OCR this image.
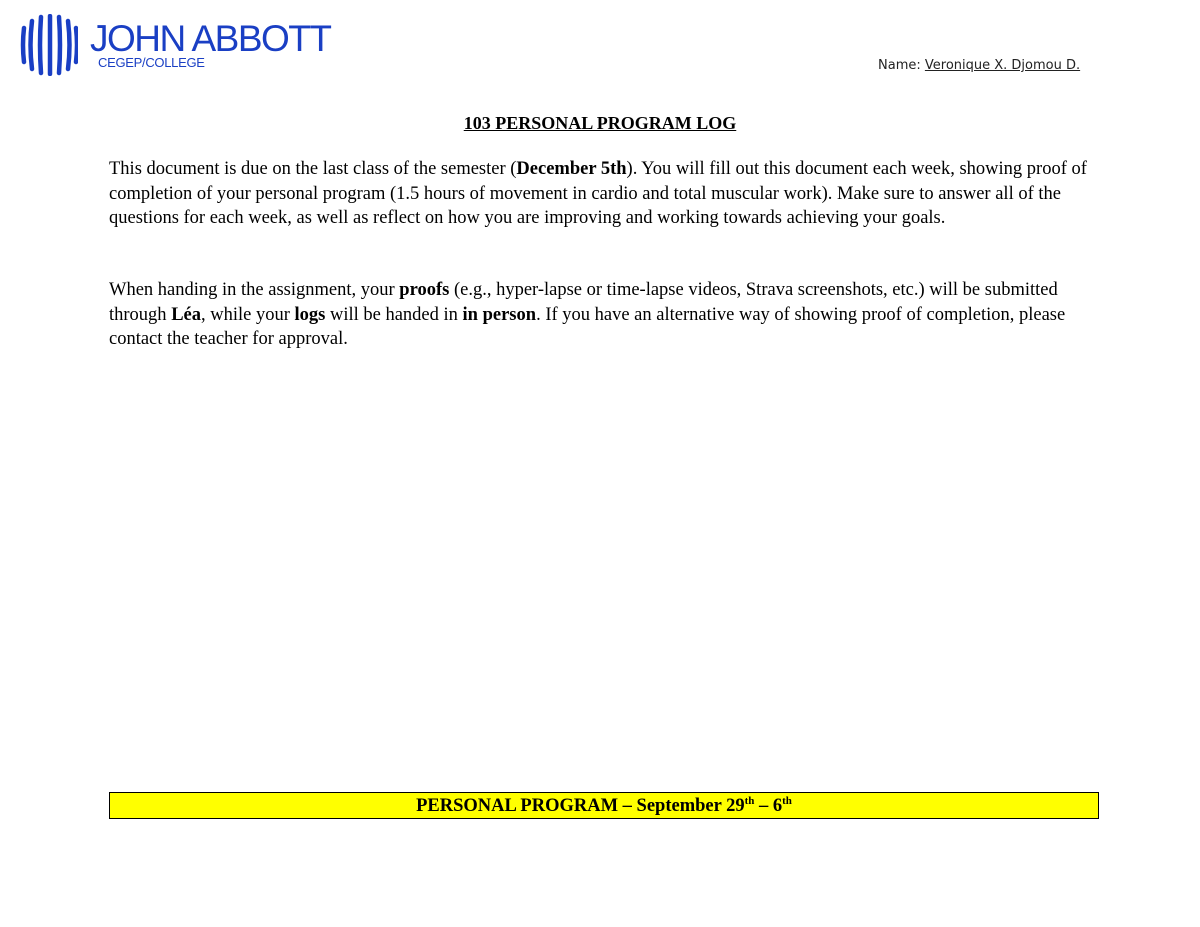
JOHN ABBOTT
CEGEP/COLLEGE	Name: Veronique X. Djomou D.
103 PERSONAL PROGRAM LOG

This document is due on the last class of the semester (December 5th). You will fill out this document each week, showing proof of completion of your personal program (1.5 hours of movement in cardio and total muscular work). Make sure to answer all of the questions for each week, as well as reflect on how you are improving and working towards achieving your goals.

When handing in the assignment, your proofs (e.g., hyper-lapse or time-lapse videos, Strava screenshots, etc.) will be submitted through Léa, while your logs will be handed in in person. If you have an alternative way of showing proof of completion, please contact the teacher for approval.

PERSONAL PROGRAM – September 29th – 6th
